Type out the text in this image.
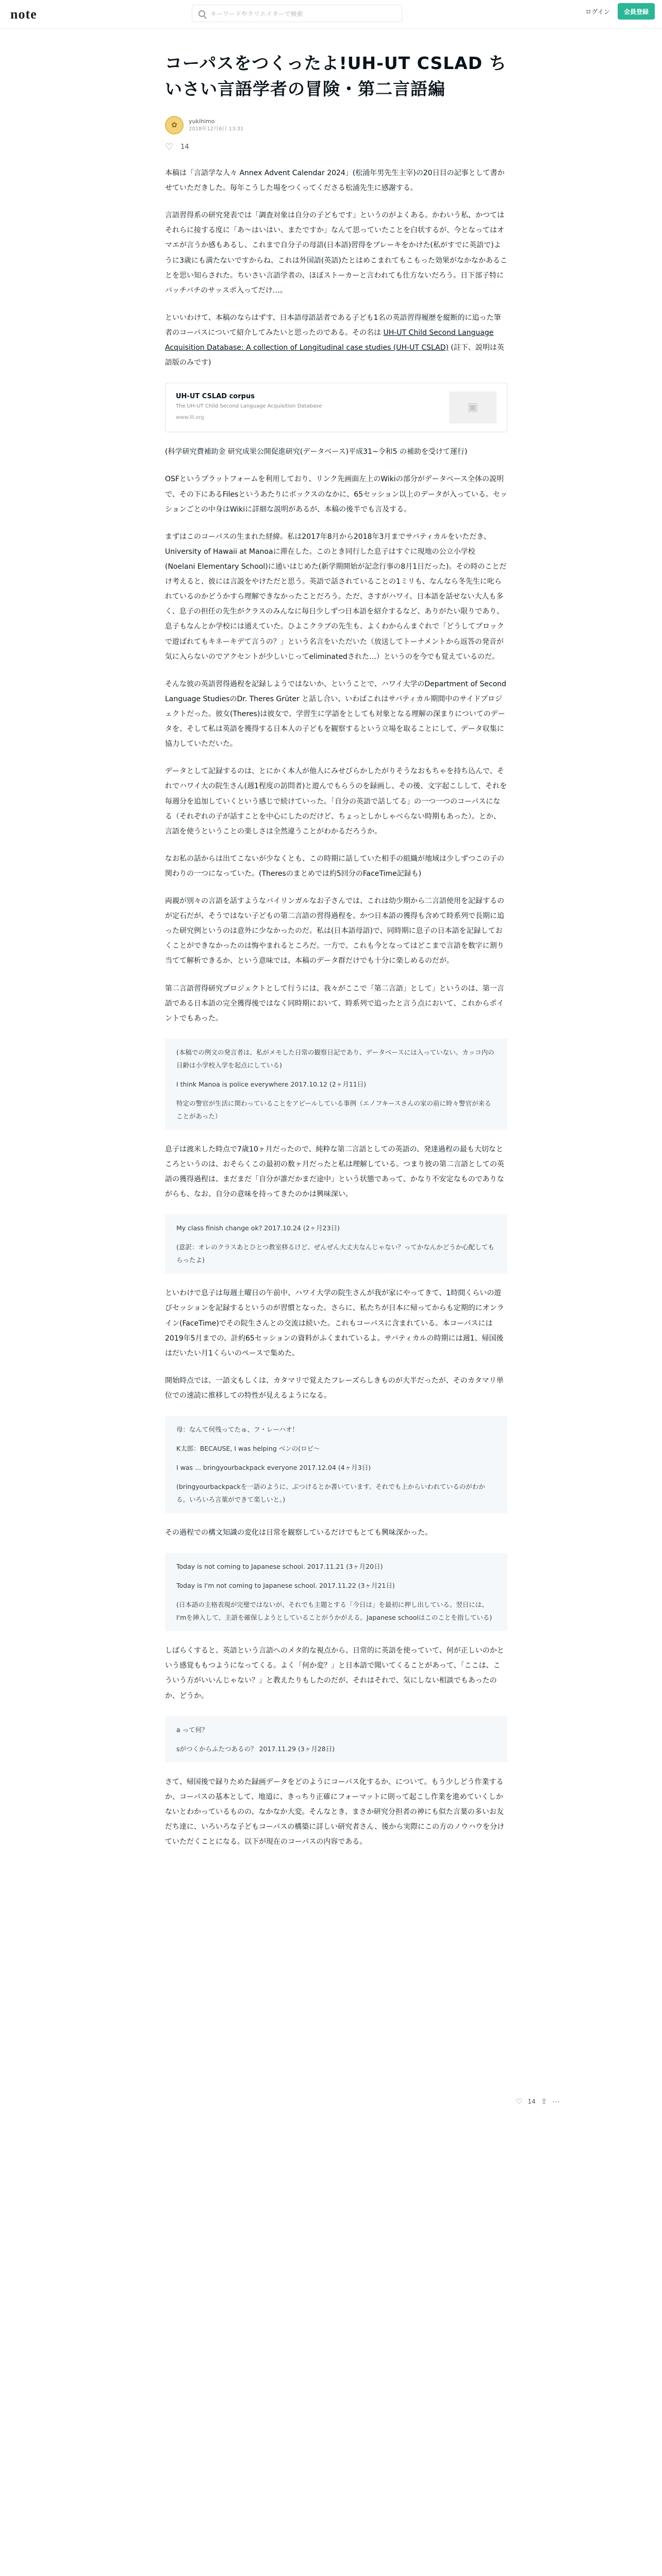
note	キーワードやクリエイターで検索	ログイン	会員登録
コーパスをつくったよ!UH-UT CSLAD ちいさい言語学者の冒険・第二言語編
✿	yukihimo
2018年12月6日 13:31
♡ 14

本稿は「言語学な人々 Annex Advent Calendar 2024」(松浦年男先生主宰)の20日目の記事として書かせていただきした。毎年こうした場をつくってくださる松浦先生に感謝する。

言語習得系の研究発表では「調査対象は自分の子どもです」というのがよくある。かわいう私、かつてはそれらに接する度に「あ〜はいはい、またですか」なんて思っていたことを白状するが、今となってはオマエが言うか感もあるし、これまで自分子の母語(日本語)習得をブレーキをかけた(私がすでに英語で)ように3歳にも満たないですからね、これは外国語(英語)たとはめこまれてもこもった効果がなかなかあることを思い知らされた。ちいさい言語学者の、ほぼストーカーと言われても仕方ないだろう。日下部子特にバッチバチのサッスポ入ってだけ…。

といいわけて、本稿のならはずす、日本語母語話者である子ども1名の英語習得履歴を縦断的に追った筆者のコーパスについて紹介してみたいと思ったのである。その名は UH-UT Child Second Language Acquisition Database: A collection of Longitudinal case studies (UH-UT CSLAD) (註下、説明は英語版のみです)

UH-UT CSLAD corpus
The UH-UT Child Second Language Acquisition Database
www.lll.org
▣

(科学研究費補助金 研究成果公開促進研究(データベース)平成31~令和5 の補助を受けて運行)

OSFというプラットフォームを利用しており、リンク先画面左上のWikiの部分がデータベース全体の説明で、その下にあるFilesというあたりにボックスのなかに、65セッション以上のデータが入っている。セッションごとの中身はWikiに詳細な説明があるが、本稿の後半でも言及する。

まずはこのコーパスの生まれた経緯。私は2017年8月から2018年3月までサバティカルをいただき、University of Hawaii at Manoaに滞在した。このとき同行した息子はすぐに現地の公立小学校 (Noelani Elementary School)に通いはじめた(新学期開始が記念行事の8月1日だった)。その時のことだけ考えると、彼には言説をやけただと思う。英語で話されていることの1ミリも、なんなら冬先生に叱られているのかどうかすら理解できなかったことだろう。ただ、さすがハワイ、日本語を話せない大人も多く、息子の担任の先生がクラスのみんなに毎日少しずつ日本語を紹介するなど、ありがたい限りであり、息子もなんとか学校には通えていた。ひよこクラブの先生も、よくわからんまぐれで「どうしてブロックで遊ばれてもキネーキデて言うの？」という名言をいただいた（放送してトーナメントから返答の発音が気に入らないのでアクセントが少しいじってeliminatedされた…）というのを今でも覚えているのだ。

そんな彼の英語習得過程を記録しようではないか、ということで、ハワイ大学のDepartment of Second Language StudiesのDr. Theres Grüter と話し合い、いわばこれはサバティカル期間中のサイドプロジェクトだった。彼女(Theres)は彼女で、学習生に学語をとしても対象となる理解の深まりについてのデータを、そして私は英語を獲得する日本人の子どもを観察するという立場を取ることにして、データ収集に協力していただいた。

データとして記録するのは、とにかく本人が他人にみせびらかしたがりそうなおもちゃを持ち込んで、それでハワイ大の院生さん(週1程度の訪問者)と遊んでもらうのを録画し、その後、文字起こしして、それを毎週分を追加していくという感じで続けていった。「自分の英語で話してる」の一つ一つのコーパスになる（それぞれの子が話すことを中心にしたのだけど、ちょっとしかしゃべらない時期もあった）。とか、言語を使うということの楽しさは全然違うことがわかるだろうか。

なお私の話からは出てこないが少なくとも、この時期に話していた相手の組織が地域は少しずつこの子の関わりの一つになっていた。(Theresのまとめでは約5回分のFaceTime記録も)

両親が別々の言語を話すようなバイリンガルなお子さんでは、これは幼少期から二言語使用を記録するのが定石だが、そうではない子どもの第二言語の習得過程を、かつ日本語の獲得も含めて時系列で長期に追った研究例というのは意外に少なかったのだ。私は(日本語母語)で、同時期に息子の日本語を記録しておくことができなかったのは悔やまれるところだ。一方で、これも今となってはどこまで言語を数字に割り当てて解析できるか、という意味では、本稿のデータ群だけでも十分に楽しめるのだが。

第二言語習得研究プロジェクトとして行うには、我々がここで「第二言語」として」というのは、第一言語である日本語の完全獲得後ではなく同時期において、時系列で追ったと言う点において、これからポイントでもあった。

(本稿での例文の発言者は、私がメモした日常の観察日記であり、データベースには入っていない。カッコ内の日齢は小学校入学を起点にしている)

I think Manoa is police everywhere 2017.10.12 (2ヶ月11日)

特定の警官が生活に関わっていることをアピールしている事例（エノフキースさんの家の前に時々警官が来ることがあった）

息子は渡米した時点で7歳10ヶ月だったので、純粋な第二言語としての英語の、発達過程の最も大切なところというのは、おそらくこの最初の数ヶ月だったと私は理解している。つまり彼の第二言語としての英語の獲得過程は、まだまだ「自分が誰だかまだ途中」という状態であって、かなり不安定なものでありながらも、なお、自分の意味を持ってきたのかは興味深い。

My class finish change ok? 2017.10.24 (2ヶ月23日)

(意訳：オレのクラスあとひとつ教室移るけど、ぜんぜん大丈夫なんじゃない？ってかなんかどうか心配してもらったよ)

といわけで息子は毎週土曜日の午前中、ハワイ大学の院生さんが我が家にやってきて、1時間くらいの遊びセッションを記録するというのが習慣となった。さらに、私たちが日本に帰ってからも定期的にオンライン(FaceTime)でその院生さんとの交流は続いた。これもコーパスに含まれている。本コーパスには2019年5月までの、計約65セッションの資料がふくまれているよ。サバティカルの時期には週1、帰国後はだいたい月1くらいのペースで集めた。

開始時点では、一語文もしくは、カタマリで覚えたフレーズらしきものが大半だったが、そのカタマリ単位での速読に推移しての特性が見えるようになる。

母：なんて何残ってたゅ、フ・レーハオ！

K太郎：BECAUSE, I was helping ベンの(ロビ～

I was ... bringyourbackpack everyone 2017.12.04 (4ヶ月3日)

(bringyourbackpackを一語のように、ぶつけるとか書いています。それでも上からいわれているのがわかる。いろいろ言葉ができて楽しいと。)

その過程での構文知識の変化は日常を観察しているだけでもとても興味深かった。

Today is not coming to Japanese school. 2017.11.21 (3ヶ月20日)

Today is I'm not coming to Japanese school. 2017.11.22 (3ヶ月21日)

(日本語の主格表現が完璧ではないが、それでも主題とする「今日は」を最初に押し出している。翌日には、I'mを挿入して、主語を確保しようとしていることがうかがえる。Japanese schoolはこのことを指している)

しばらくすると、英語という言語へのメタ的な視点から、日常的に英語を使っていて、何が正しいのかという感覚ももつようになってくる。よく「何か変？」と日本語で聞いてくることがあって、「ここは、こういう方がいいんじゃない？」と教えたりもしたのだが、それはそれで、気にしない相談でもあったのか、どうか。

a って何？

sがつくからふたつあるの？ 2017.11.29 (3ヶ月28日)

さて、帰国後で録りためた録画データをどのようにコーパス化するか、について。もう少しどう作業するか、コーパスの基本として、地道に、きっちり正確にフォーマットに則って起こし作業を進めていくしかないとわかっているものの、なかなか大変。そんなとき、まさか研究分担者の神にも似た言葉の多いお友だち達に、いろいろな子どもコーパスの構築に詳しい研究者さん、後から実際にこの方のノウハウを分けていただくことになる。以下が現在のコーパスの内容である。

♡ 14 ⇪ ⋯
